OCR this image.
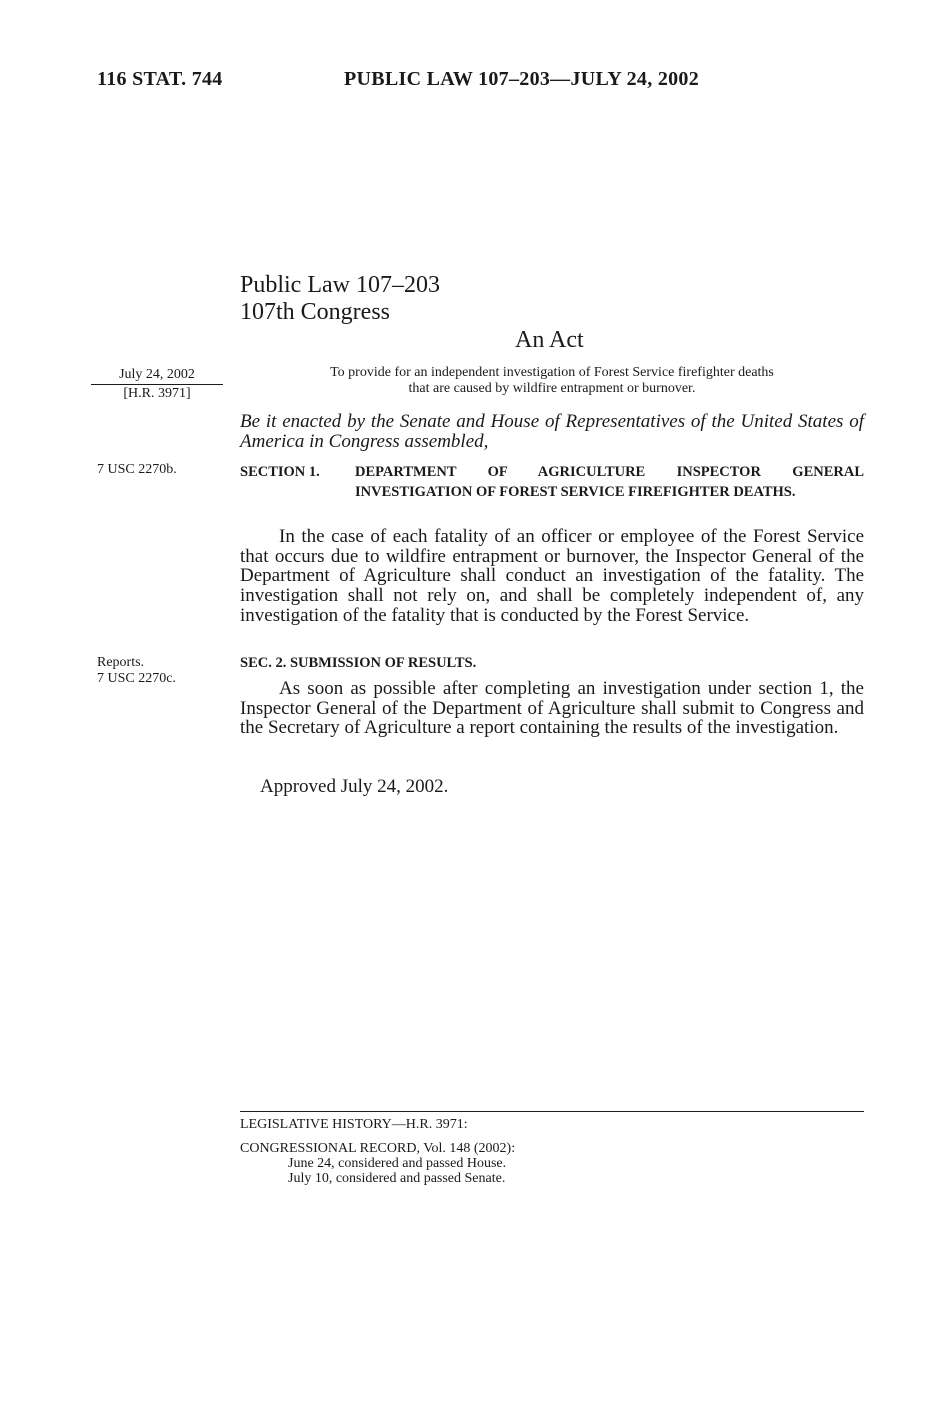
116 STAT. 744	PUBLIC LAW 107–203—JULY 24, 2002
Public Law 107–203
107th Congress
An Act
July 24, 2002
[H.R. 3971]
To provide for an independent investigation of Forest Service firefighter deaths
that are caused by wildfire entrapment or burnover.
Be it enacted by the Senate and House of Representatives of the United States of America in Congress assembled,
7 USC 2270b.	SECTION 1. DEPARTMENT OF AGRICULTURE INSPECTOR GENERAL INVESTIGATION OF FOREST SERVICE FIREFIGHTER DEATHS.
In the case of each fatality of an officer or employee of the Forest Service that occurs due to wildfire entrapment or burnover, the Inspector General of the Department of Agriculture shall conduct an investigation of the fatality. The investigation shall not rely on, and shall be completely independent of, any investigation of the fatality that is conducted by the Forest Service.
Reports.
7 USC 2270c.
SEC. 2. SUBMISSION OF RESULTS.
As soon as possible after completing an investigation under section 1, the Inspector General of the Department of Agriculture shall submit to Congress and the Secretary of Agriculture a report containing the results of the investigation.
Approved July 24, 2002.
LEGISLATIVE HISTORY—H.R. 3971:
CONGRESSIONAL RECORD, Vol. 148 (2002):
June 24, considered and passed House.
July 10, considered and passed Senate.
